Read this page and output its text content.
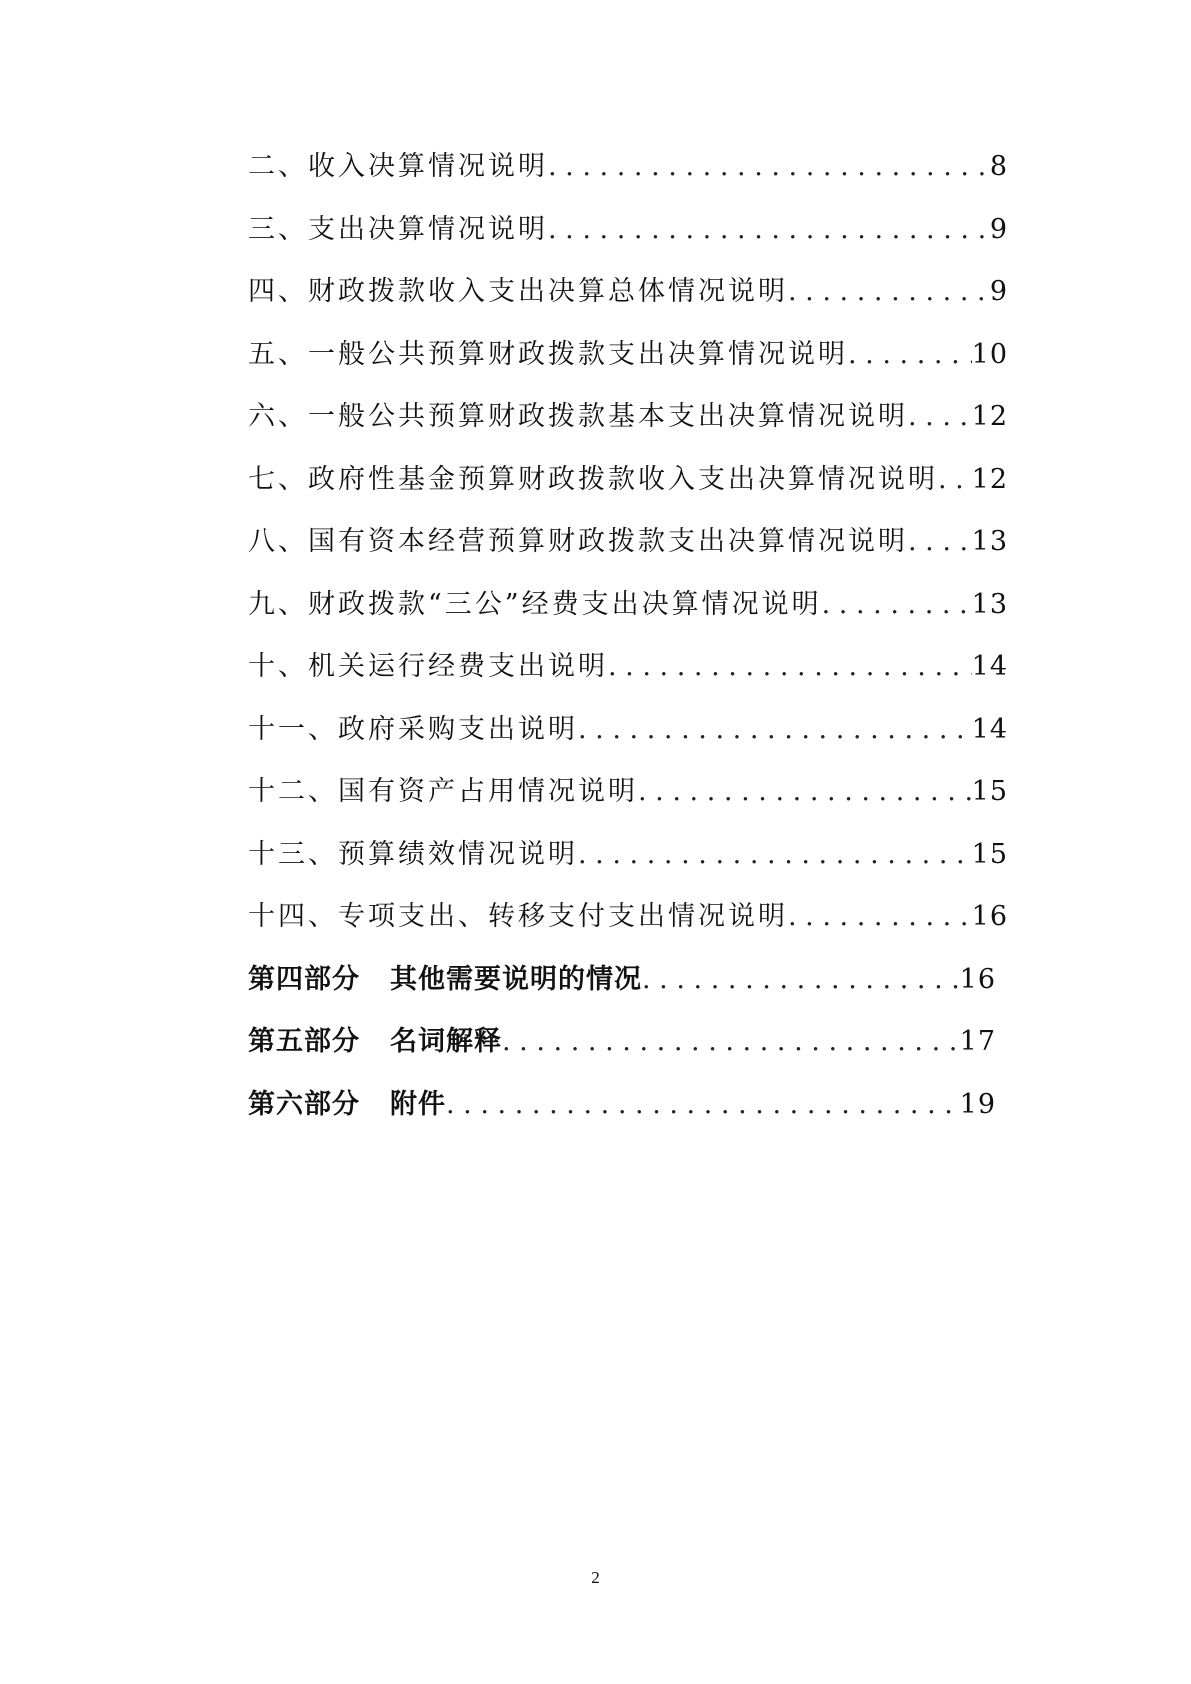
二、收入决算情况说明 .....	8
三、支出决算情况说明 .....	9
四、财政拨款收入支出决算总体情况说明 .....	9
五、一般公共预算财政拨款支出决算情况说明 .....	10
六、一般公共预算财政拨款基本支出决算情况说明 ..... 12
七、政府性基金预算财政拨款收入支出决算情况说明 ..... 12
八、国有资本经营预算财政拨款支出决算情况说明 ..... 13
九、财政拨款“三公”经费支出决算情况说明 .....	13
十、机关运行经费支出说明 .....	14
十一、政府采购支出说明 .....	14
十二、国有资产占用情况说明 .....	15
十三、预算绩效情况说明 .....	15
十四、专项支出、转移支付支出情况说明 .....	16
第四部分 其他需要说明的情况 .....	16
第五部分 名词解释 .....	17
第六部分 附件 .....	19
2
